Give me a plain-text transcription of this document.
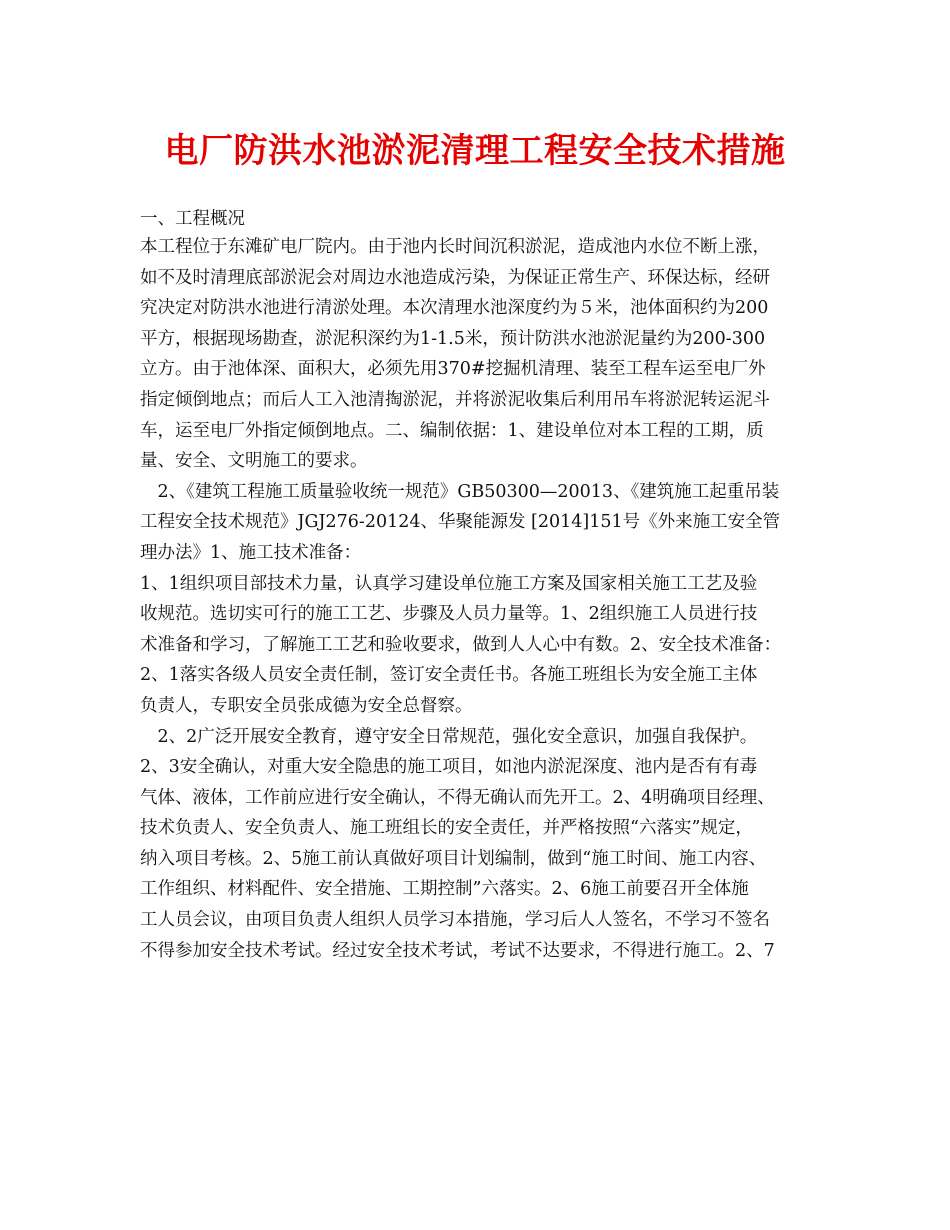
电厂防洪水池淤泥清理工程安全技术措施
一、工程概况
本工程位于东滩矿电厂院内。由于池内长时间沉积淤泥，造成池内水位不断上涨，
如不及时清理底部淤泥会对周边水池造成污染，为保证正常生产、环保达标，经研
究决定对防洪水池进行清淤处理。本次清理水池深度约为５米，池体面积约为200
平方，根据现场勘查，淤泥积深约为1-1.5米，预计防洪水池淤泥量约为200-300
立方。由于池体深、面积大，必须先用370#挖掘机清理、装至工程车运至电厂外
指定倾倒地点；而后人工入池清掏淤泥，并将淤泥收集后利用吊车将淤泥转运泥斗
车，运至电厂外指定倾倒地点。二、编制依据：1、建设单位对本工程的工期，质
量、安全、文明施工的要求。
　2、《建筑工程施工质量验收统一规范》GB50300—20013、《建筑施工起重吊装
工程安全技术规范》JGJ276-20124、华聚能源发 [2014]151号《外来施工安全管
理办法》1、施工技术准备：
1、1组织项目部技术力量，认真学习建设单位施工方案及国家相关施工工艺及验
收规范。选切实可行的施工工艺、步骤及人员力量等。1、2组织施工人员进行技
术准备和学习，了解施工工艺和验收要求，做到人人心中有数。2、安全技术准备：
2、1落实各级人员安全责任制，签订安全责任书。各施工班组长为安全施工主体
负责人，专职安全员张成德为安全总督察。
　2、2广泛开展安全教育，遵守安全日常规范，强化安全意识，加强自我保护。
2、3安全确认，对重大安全隐患的施工项目，如池内淤泥深度、池内是否有有毒
气体、液体，工作前应进行安全确认，不得无确认而先开工。2、4明确项目经理、
技术负责人、安全负责人、施工班组长的安全责任，并严格按照“六落实”规定，
纳入项目考核。2、5施工前认真做好项目计划编制，做到“施工时间、施工内容、
工作组织、材料配件、安全措施、工期控制”六落实。2、6施工前要召开全体施
工人员会议，由项目负责人组织人员学习本措施，学习后人人签名，不学习不签名
不得参加安全技术考试。经过安全技术考试，考试不达要求，不得进行施工。2、7
